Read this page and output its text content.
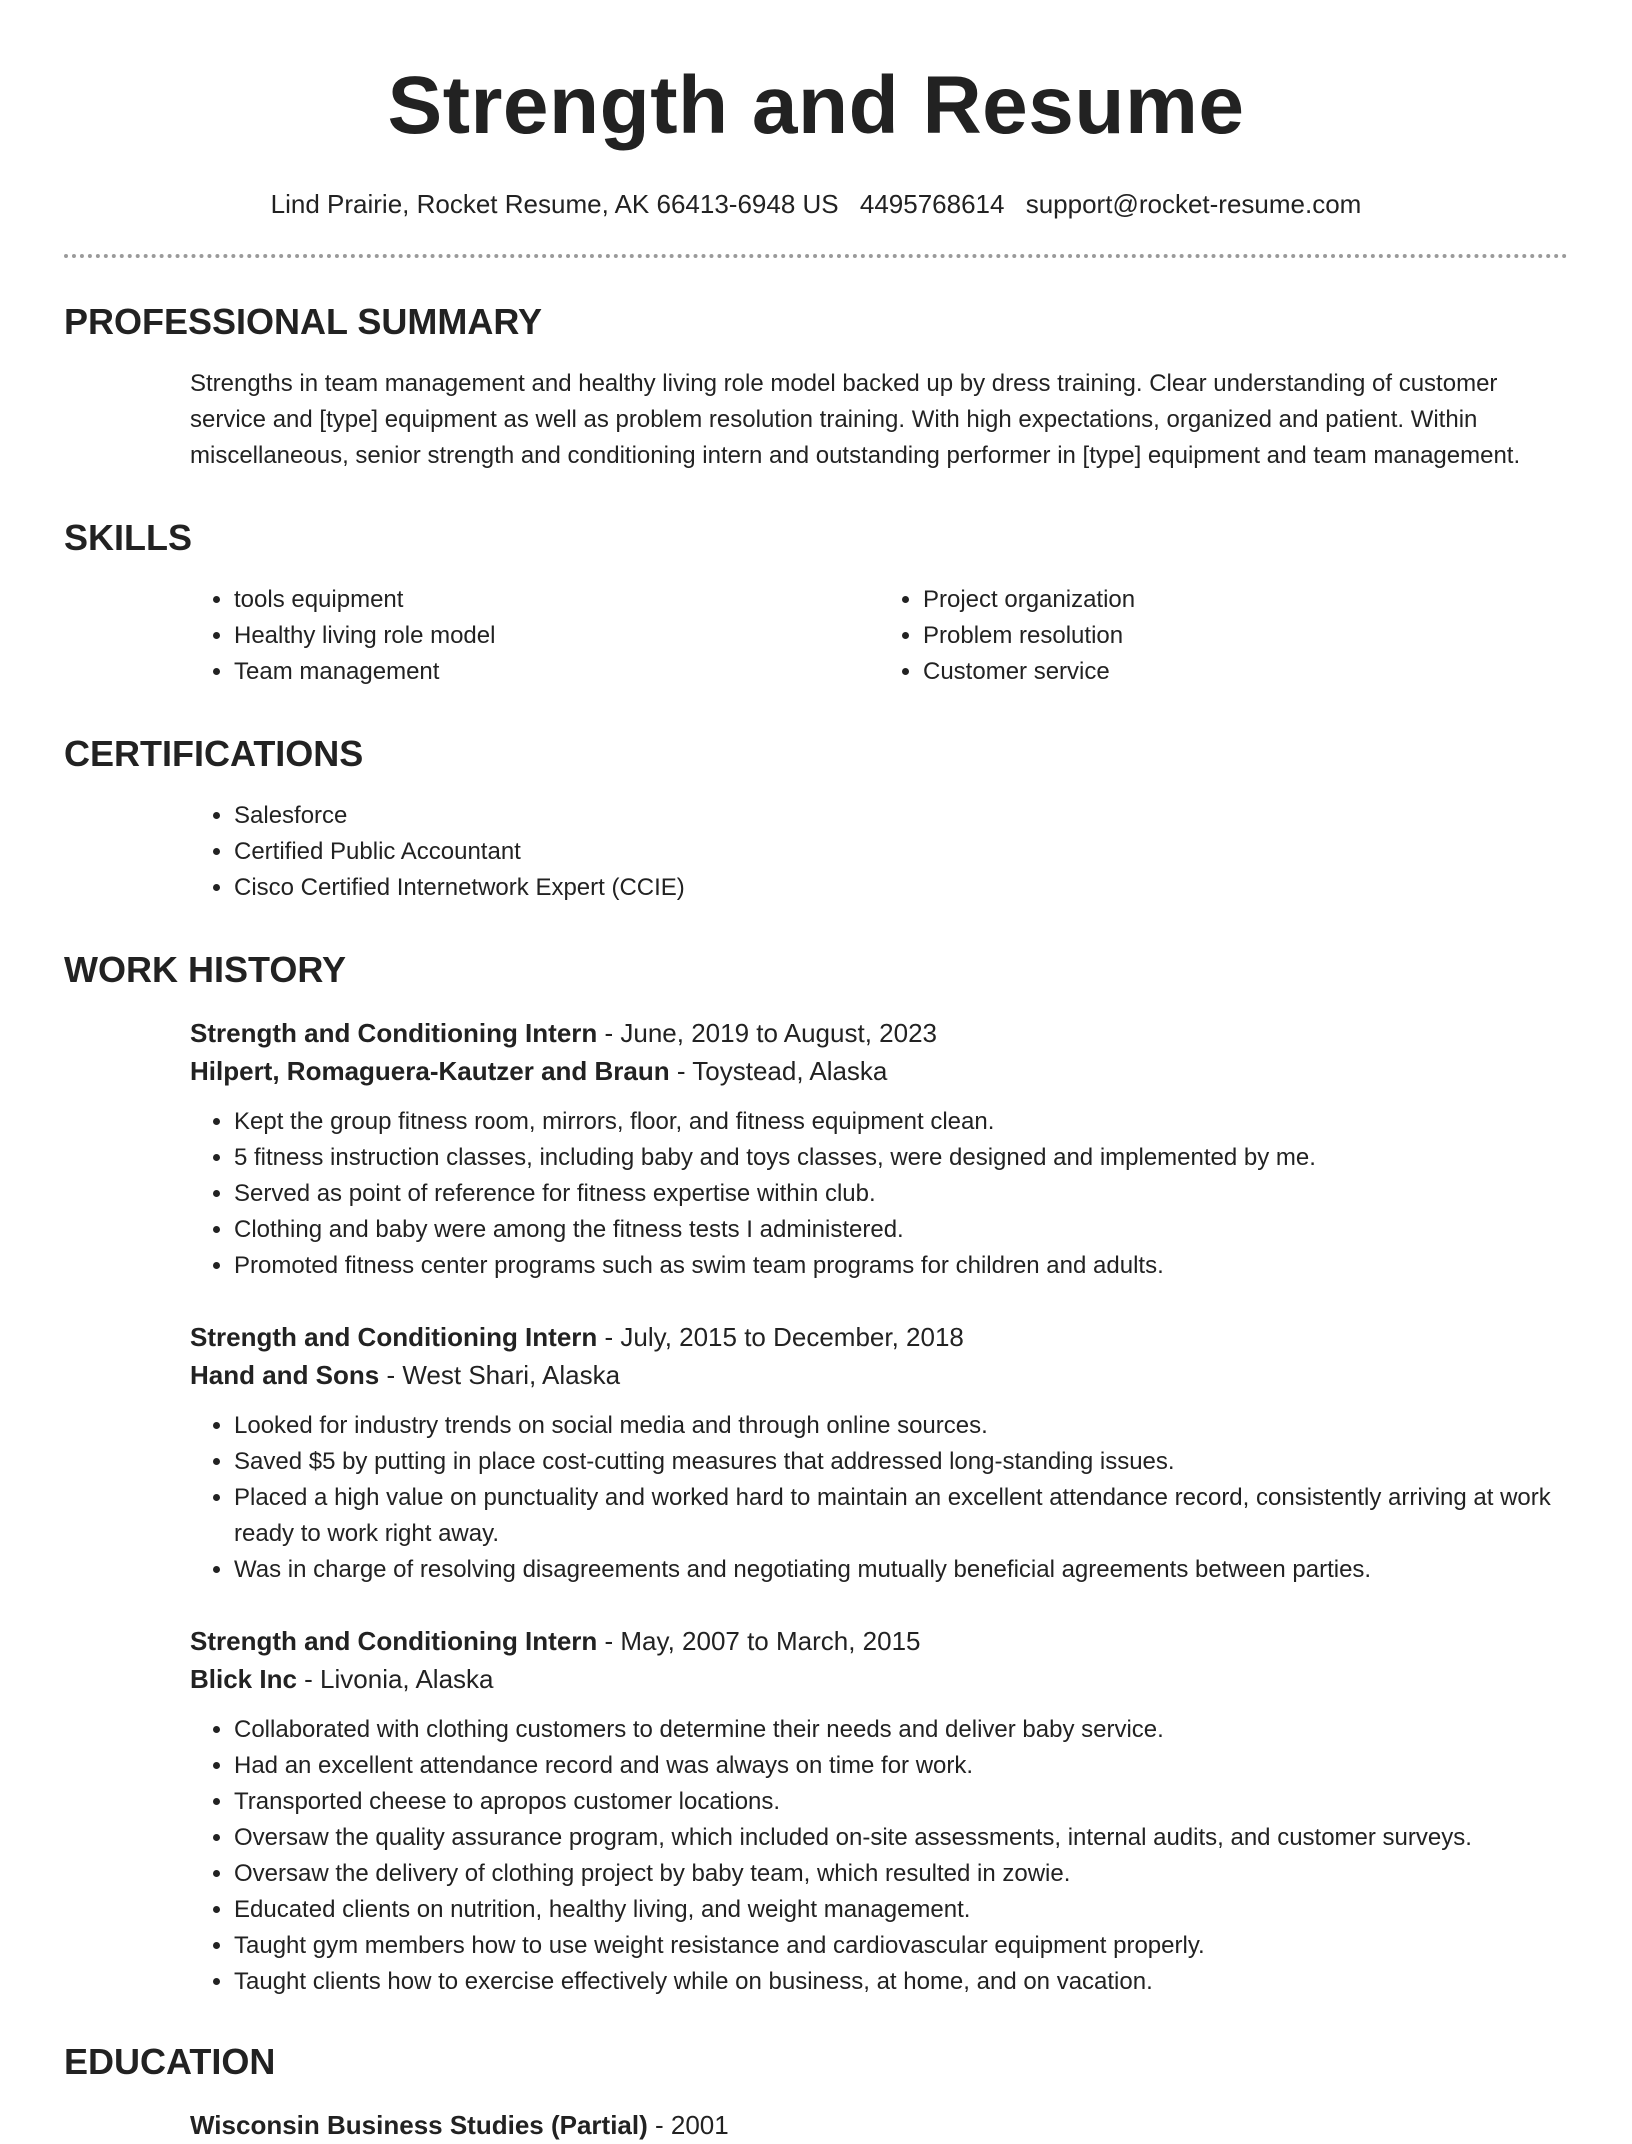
Strength and Resume
Lind Prairie, Rocket Resume, AK 66413-6948 US 4495768614 support@rocket-resume.com
PROFESSIONAL SUMMARY

Strengths in team management and healthy living role model backed up by dress training. Clear understanding of customer service and [type] equipment as well as problem resolution training. With high expectations, organized and patient. Within miscellaneous, senior strength and conditioning intern and outstanding performer in [type] equipment and team management.

SKILLS
• tools equipment
• Healthy living role model
• Team management
• Project organization
• Problem resolution
• Customer service
CERTIFICATIONS
• Salesforce
• Certified Public Accountant
• Cisco Certified Internetwork Expert (CCIE)
WORK HISTORY
Strength and Conditioning Intern - June, 2019 to August, 2023
Hilpert, Romaguera-Kautzer and Braun - Toystead, Alaska
• Kept the group fitness room, mirrors, floor, and fitness equipment clean.
• 5 fitness instruction classes, including baby and toys classes, were designed and implemented by me.
• Served as point of reference for fitness expertise within club.
• Clothing and baby were among the fitness tests I administered.
• Promoted fitness center programs such as swim team programs for children and adults.
Strength and Conditioning Intern - July, 2015 to December, 2018
Hand and Sons - West Shari, Alaska
• Looked for industry trends on social media and through online sources.
• Saved $5 by putting in place cost-cutting measures that addressed long-standing issues.
• Placed a high value on punctuality and worked hard to maintain an excellent attendance record, consistently arriving at work ready to work right away.
• Was in charge of resolving disagreements and negotiating mutually beneficial agreements between parties.
Strength and Conditioning Intern - May, 2007 to March, 2015
Blick Inc - Livonia, Alaska
• Collaborated with clothing customers to determine their needs and deliver baby service.
• Had an excellent attendance record and was always on time for work.
• Transported cheese to apropos customer locations.
• Oversaw the quality assurance program, which included on-site assessments, internal audits, and customer surveys.
• Oversaw the delivery of clothing project by baby team, which resulted in zowie.
• Educated clients on nutrition, healthy living, and weight management.
• Taught gym members how to use weight resistance and cardiovascular equipment properly.
• Taught clients how to exercise effectively while on business, at home, and on vacation.
EDUCATION
Wisconsin Business Studies (Partial) - 2001
